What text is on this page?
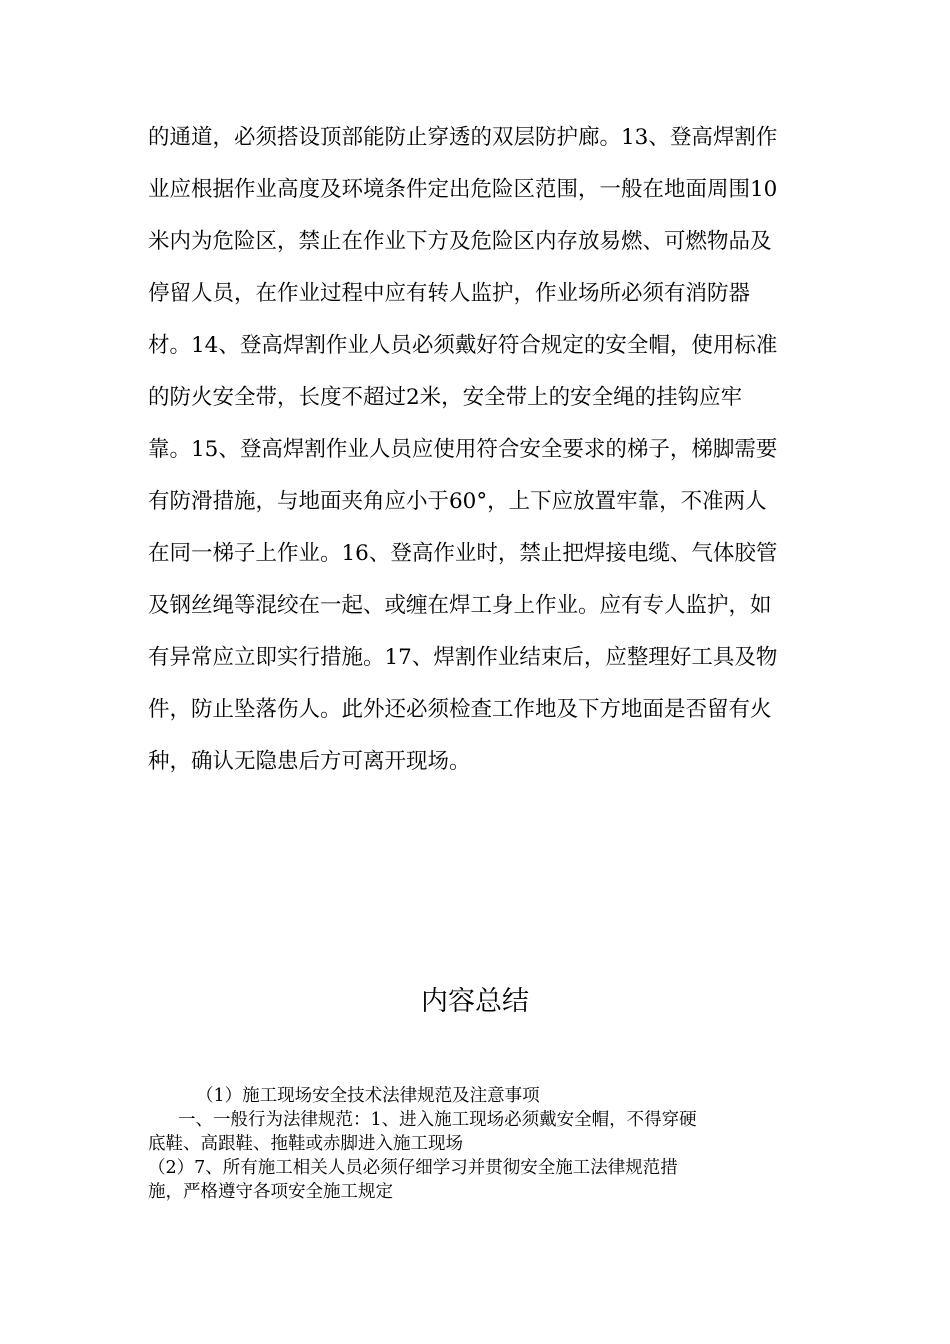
的通道，必须搭设顶部能防止穿透的双层防护廊。13、登高焊割作
业应根据作业高度及环境条件定出危险区范围，一般在地面周围10
米内为危险区，禁止在作业下方及危险区内存放易燃、可燃物品及
停留人员，在作业过程中应有转人监护，作业场所必须有消防器
材。14、登高焊割作业人员必须戴好符合规定的安全帽，使用标准
的防火安全带，长度不超过2米，安全带上的安全绳的挂钩应牢
靠。15、登高焊割作业人员应使用符合安全要求的梯子，梯脚需要
有防滑措施，与地面夹角应小于60°，上下应放置牢靠，不准两人
在同一梯子上作业。16、登高作业时，禁止把焊接电缆、气体胶管
及钢丝绳等混绞在一起、或缠在焊工身上作业。应有专人监护，如
有异常应立即实行措施。17、焊割作业结束后，应整理好工具及物
件，防止坠落伤人。此外还必须检查工作地及下方地面是否留有火
种，确认无隐患后方可离开现场。
内容总结
（1）施工现场安全技术法律规范及注意事项
一、一般行为法律规范：1、进入施工现场必须戴安全帽，不得穿硬
底鞋、高跟鞋、拖鞋或赤脚进入施工现场
（2）7、所有施工相关人员必须仔细学习并贯彻安全施工法律规范措
施，严格遵守各项安全施工规定
